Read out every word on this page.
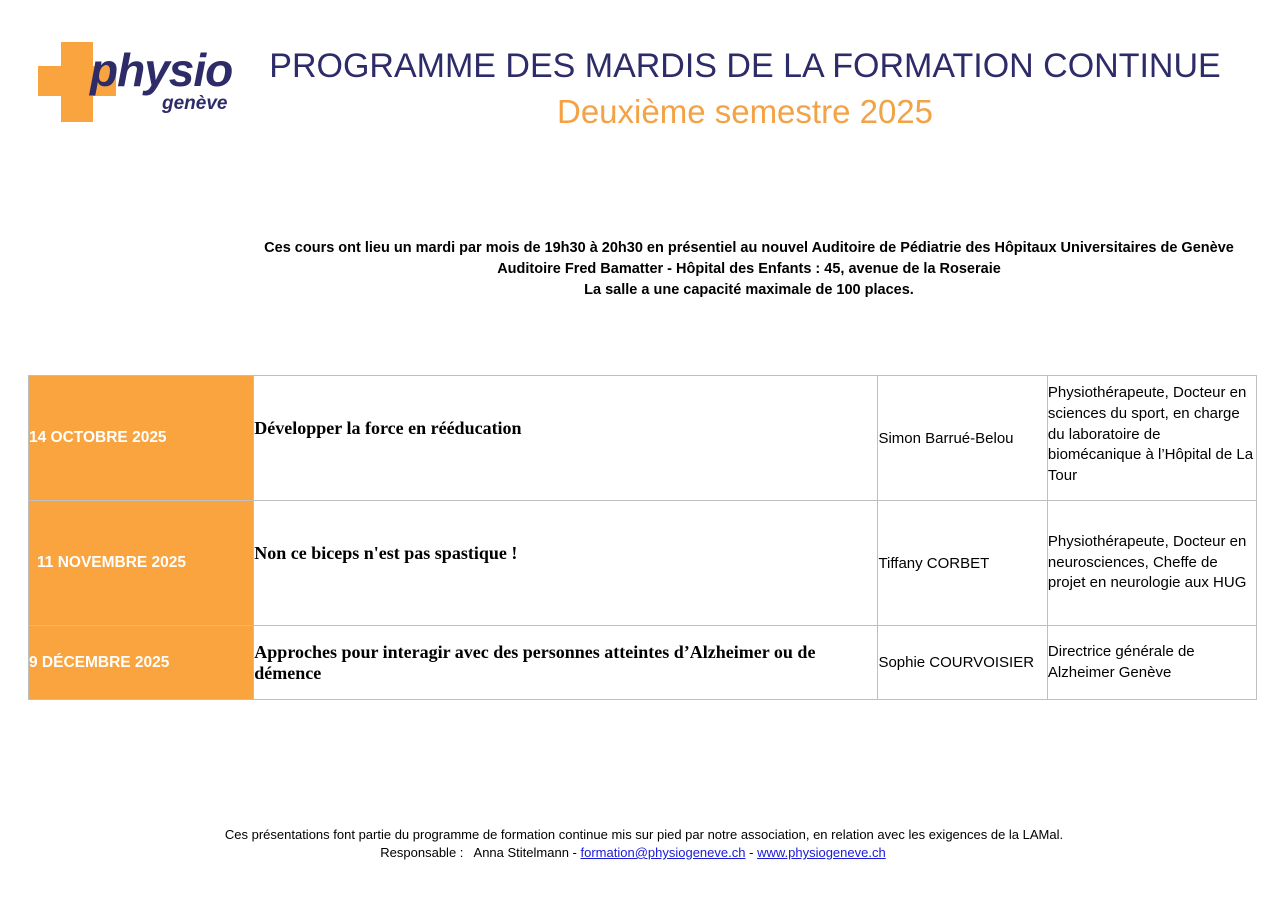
physio
genève
PROGRAMME DES MARDIS DE LA FORMATION CONTINUE
Deuxième semestre 2025
Ces cours ont lieu un mardi par mois de 19h30 à 20h30 en présentiel au nouvel Auditoire de Pédiatrie des Hôpitaux Universitaires de Genève
Auditoire Fred Bamatter - Hôpital des Enfants : 45, avenue de la Roseraie
La salle a une capacité maximale de 100 places.
14 OCTOBRE 2025	Développer la force en rééducation	Simon Barrué-Belou	Physiothérapeute, Docteur en sciences du sport, en charge du laboratoire de biomécanique à l’Hôpital de La Tour

11 NOVEMBRE 2025	Non ce biceps n'est pas spastique !	Tiffany CORBET	Physiothérapeute, Docteur en neurosciences, Cheffe de projet en neurologie aux HUG

9 DÉCEMBRE 2025	Approches pour interagir avec des personnes atteintes d’Alzheimer ou de démence	Sophie COURVOISIER	Directrice générale de Alzheimer Genève
Ces présentations font partie du programme de formation continue mis sur pied par notre association, en relation avec les exigences de la LAMal.
Responsable : Anna Stitelmann - formation@physiogeneve.ch - www.physiogeneve.ch
